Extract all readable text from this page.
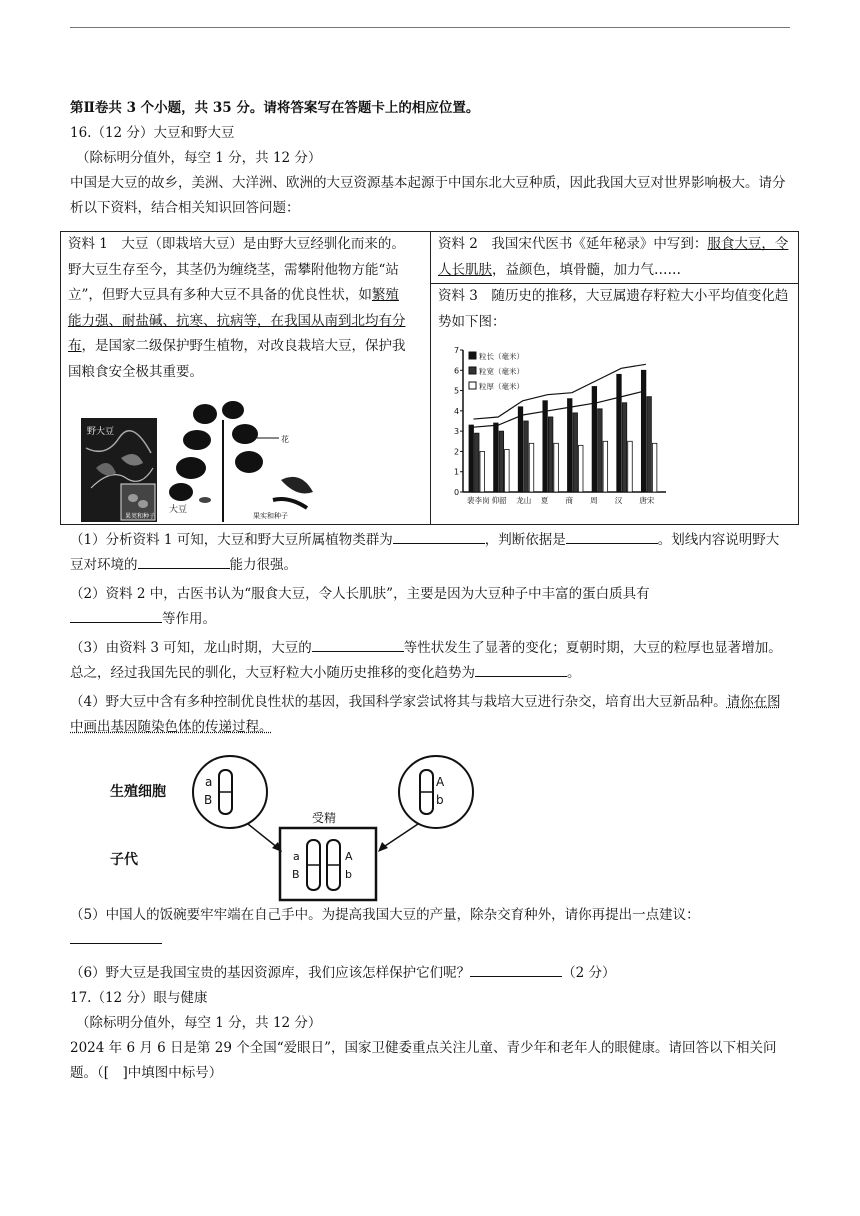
第Ⅱ卷共 3 个小题，共 35 分。请将答案写在答题卡上的相应位置。

16.（12 分）大豆和野大豆

（除标明分值外，每空 1 分，共 12 分）

中国是大豆的故乡，美洲、大洋洲、欧洲的大豆资源基本起源于中国东北大豆种质，因此我国大豆对世界影响极大。请分析以下资料，结合相关知识回答问题：

资料 1　大豆（即栽培大豆）是由野大豆经驯化而来的。野大豆生存至今，其茎仍为缠绕茎，需攀附他物方能“站立”，但野大豆具有多种大豆不具备的优良性状，如繁殖能力强、耐盐碱、抗寒、抗病等，在我国从南到北均有分布，是国家二级保护野生植物，对改良栽培大豆，保护我国粮食安全极其重要。
野大豆
果荚和种子
花
大豆
果实和种子
	资料 2　我国宋代医书《延年秘录》中写到：服食大豆，令人长肌肤，益颜色，填骨髓，加力气……

资料 3　随历史的推移，大豆属遗存籽粒大小平均值变化趋势如下图：
0
1
2
3
4
5
6
7
裴李岗 仰韶 龙山 夏 商 周 汉 唐宋
粒长（毫米）
粒宽（毫米）
粒厚（毫米）

（1）分析资料 1 可知，大豆和野大豆所属植物类群为	，判断依据是	。划线内容说明野大豆对环境的	能力很强。

（2）资料 2 中，古医书认为“服食大豆，令人长肌肤”，主要是因为大豆种子中丰富的蛋白质具有
等作用。

（3）由资料 3 可知，龙山时期，大豆的	等性状发生了显著的变化；夏朝时期，大豆的粒厚也显著增加。总之，经过我国先民的驯化，大豆籽粒大小随历史推移的变化趋势为	。

（4）野大豆中含有多种控制优良性状的基因，我国科学家尝试将其与栽培大豆进行杂交，培育出大豆新品种。请你在图中画出基因随染色体的传递过程。

生殖细胞
子代
a
B
A
b
受精
a
B
A
b

（5）中国人的饭碗要牢牢端在自己手中。为提高我国大豆的产量，除杂交育种外，请你再提出一点建议：

（6）野大豆是我国宝贵的基因资源库，我们应该怎样保护它们呢？	（2 分）

17.（12 分）眼与健康

（除标明分值外，每空 1 分，共 12 分）

2024 年 6 月 6 日是第 29 个全国“爱眼日”，国家卫健委重点关注儿童、青少年和老年人的眼健康。请回答以下相关问题。（[　]中填图中标号）
